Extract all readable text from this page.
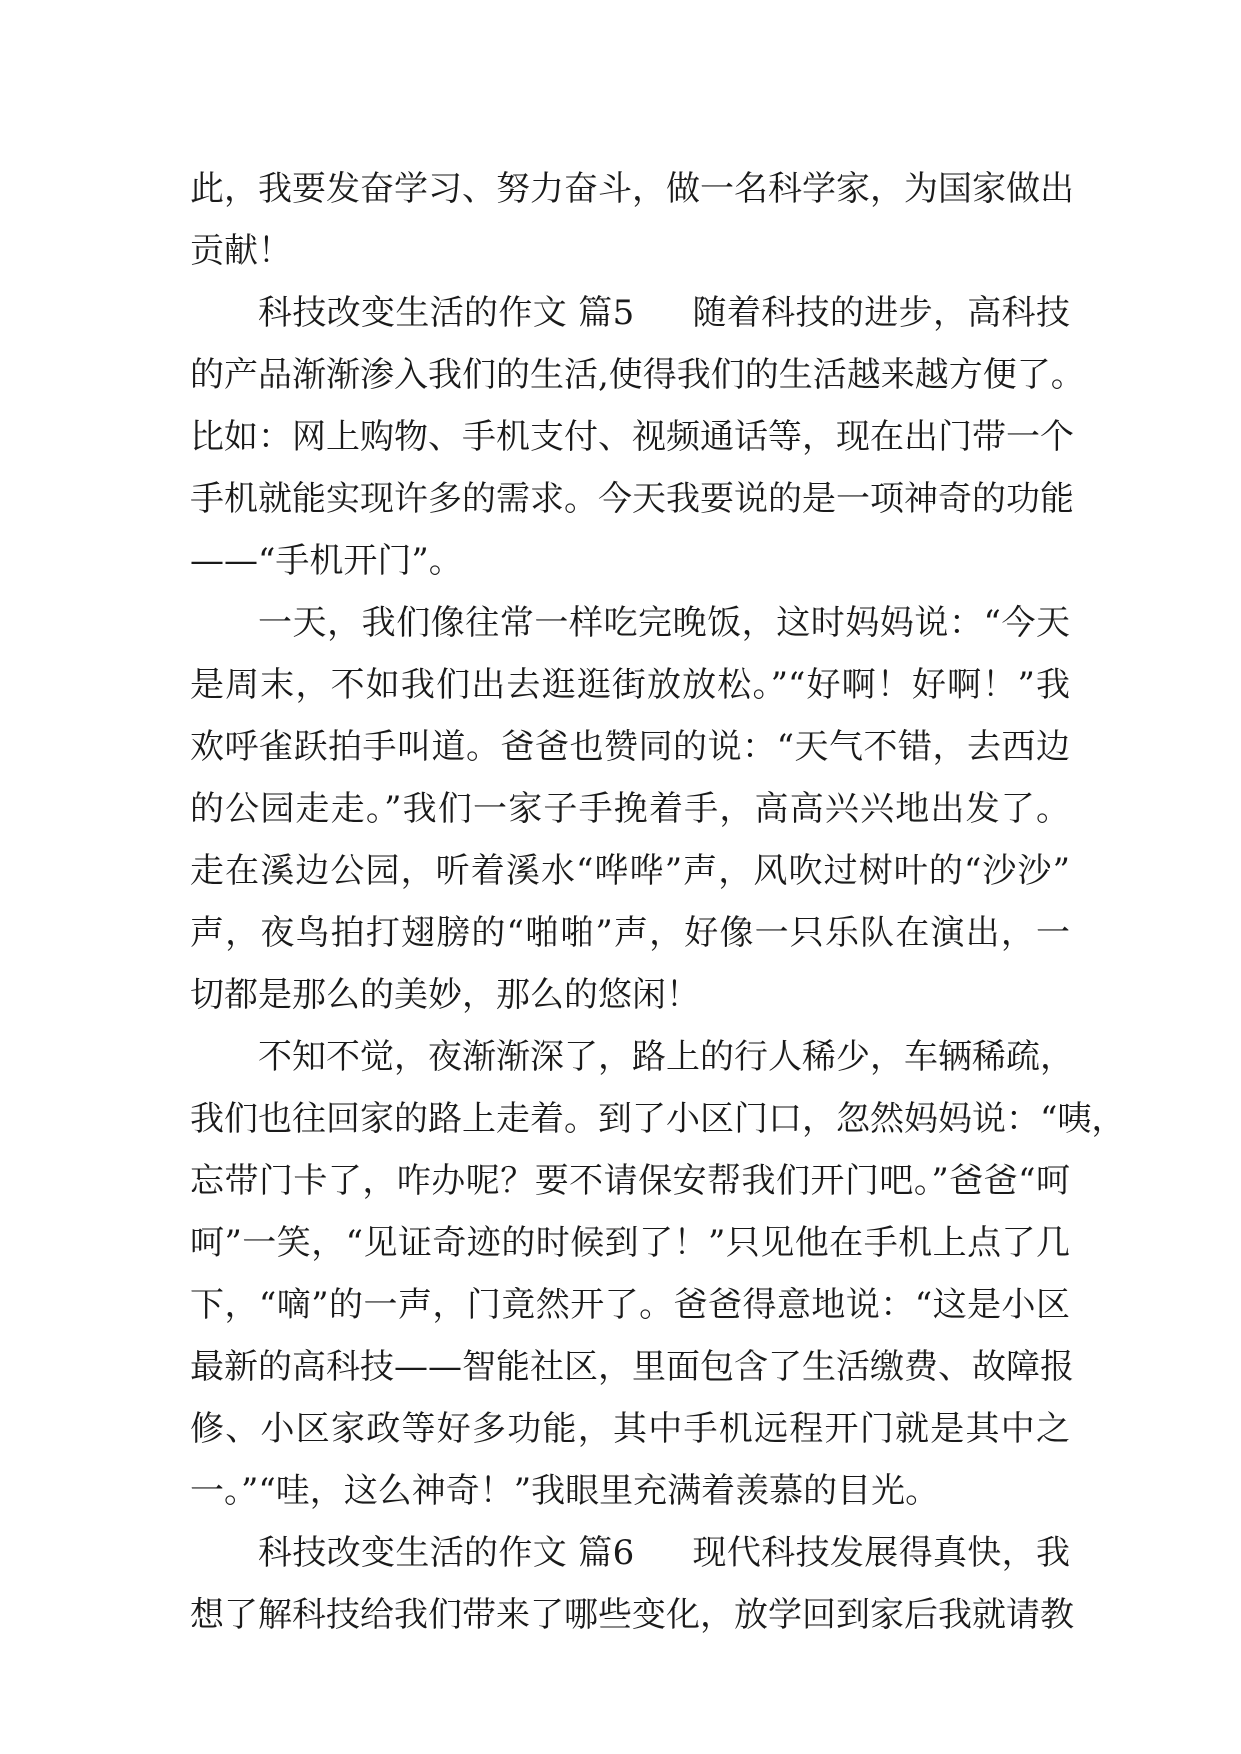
此，我要发奋学习、努力奋斗，做一名科学家，为国家做出
贡献！
科技改变生活的作文 篇5 随着科技的进步，高科技
的产品渐渐渗入我们的生活,使得我们的生活越来越方便了。
比如：网上购物、手机支付、视频通话等，现在出门带一个
手机就能实现许多的需求。今天我要说的是一项神奇的功能
——“手机开门”。
一天，我们像往常一样吃完晚饭，这时妈妈说：“今天
是周末，不如我们出去逛逛街放放松。”“好啊！好啊！”我
欢呼雀跃拍手叫道。爸爸也赞同的说：“天气不错，去西边
的公园走走。”我们一家子手挽着手，高高兴兴地出发了。
走在溪边公园，听着溪水“哗哗”声，风吹过树叶的“沙沙”
声，夜鸟拍打翅膀的“啪啪”声，好像一只乐队在演出，一
切都是那么的美妙，那么的悠闲！
不知不觉，夜渐渐深了，路上的行人稀少，车辆稀疏，
我们也往回家的路上走着。到了小区门口，忽然妈妈说：“咦，
忘带门卡了，咋办呢？要不请保安帮我们开门吧。”爸爸“呵
呵”一笑，“见证奇迹的时候到了！”只见他在手机上点了几
下，“嘀”的一声，门竟然开了。爸爸得意地说：“这是小区
最新的高科技——智能社区，里面包含了生活缴费、故障报
修、小区家政等好多功能，其中手机远程开门就是其中之
一。”“哇，这么神奇！”我眼里充满着羡慕的目光。
科技改变生活的作文 篇6 现代科技发展得真快，我
想了解科技给我们带来了哪些变化，放学回到家后我就请教
